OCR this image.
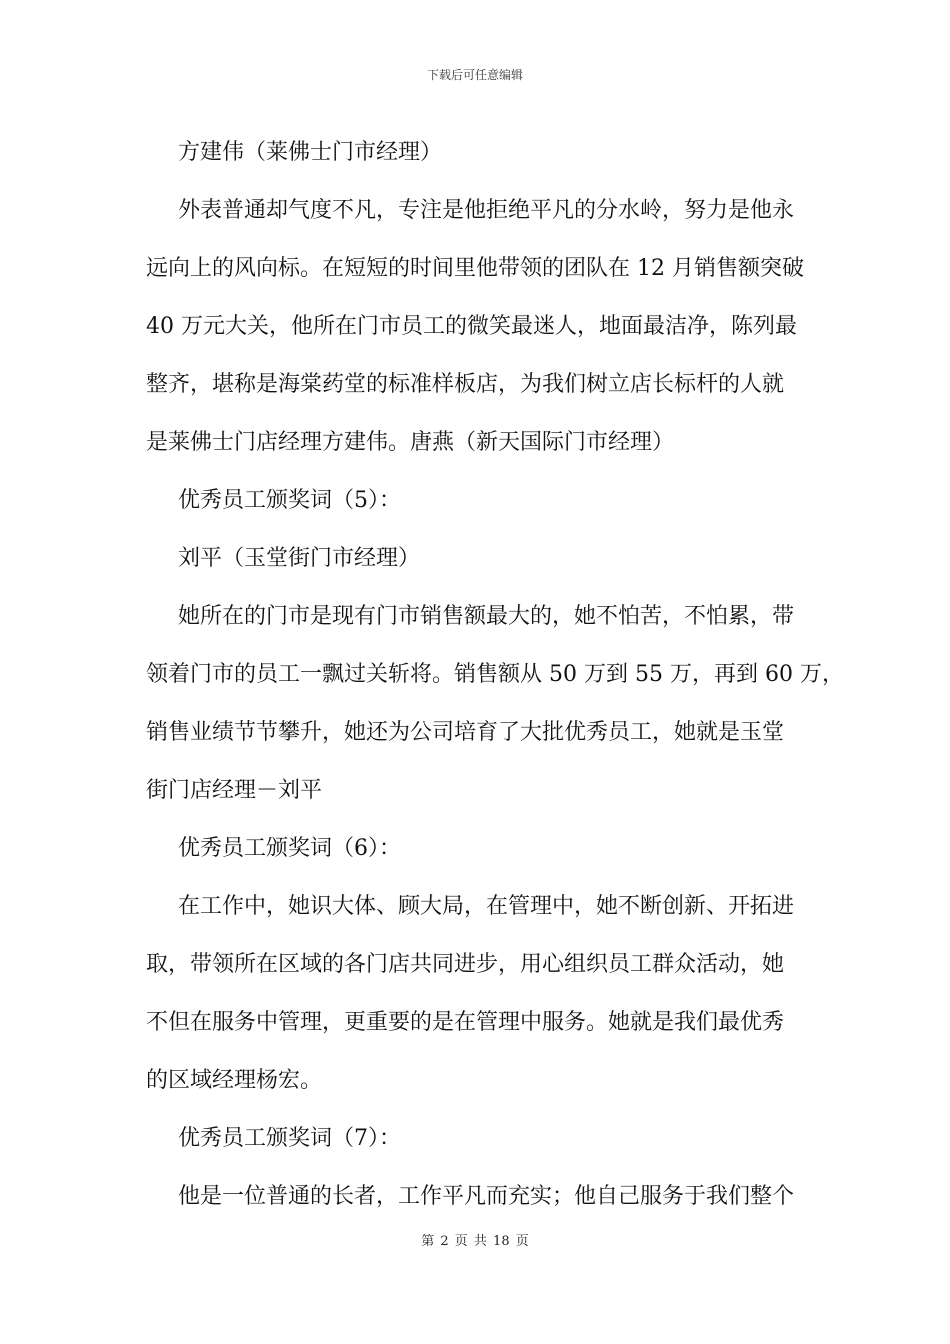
下载后可任意编辑
方建伟（莱佛士门市经理）
外表普通却气度不凡，专注是他拒绝平凡的分水岭，努力是他永
远向上的风向标。在短短的时间里他带领的团队在 12 月销售额突破
40 万元大关，他所在门市员工的微笑最迷人，地面最洁净，陈列最
整齐，堪称是海棠药堂的标准样板店，为我们树立店长标杆的人就
是莱佛士门店经理方建伟。唐燕（新天国际门市经理）
优秀员工颁奖词（5）：
刘平（玉堂街门市经理）
她所在的门市是现有门市销售额最大的，她不怕苦，不怕累，带
领着门市的员工一飘过关斩将。销售额从 50 万到 55 万，再到 60 万，
销售业绩节节攀升，她还为公司培育了大批优秀员工，她就是玉堂
街门店经理－刘平
优秀员工颁奖词（6）：
在工作中，她识大体、顾大局，在管理中，她不断创新、开拓进
取，带领所在区域的各门店共同进步，用心组织员工群众活动，她
不但在服务中管理，更重要的是在管理中服务。她就是我们最优秀
的区域经理杨宏。
优秀员工颁奖词（7）：
他是一位普通的长者，工作平凡而充实；他自己服务于我们整个
第 2 页 共 18 页
